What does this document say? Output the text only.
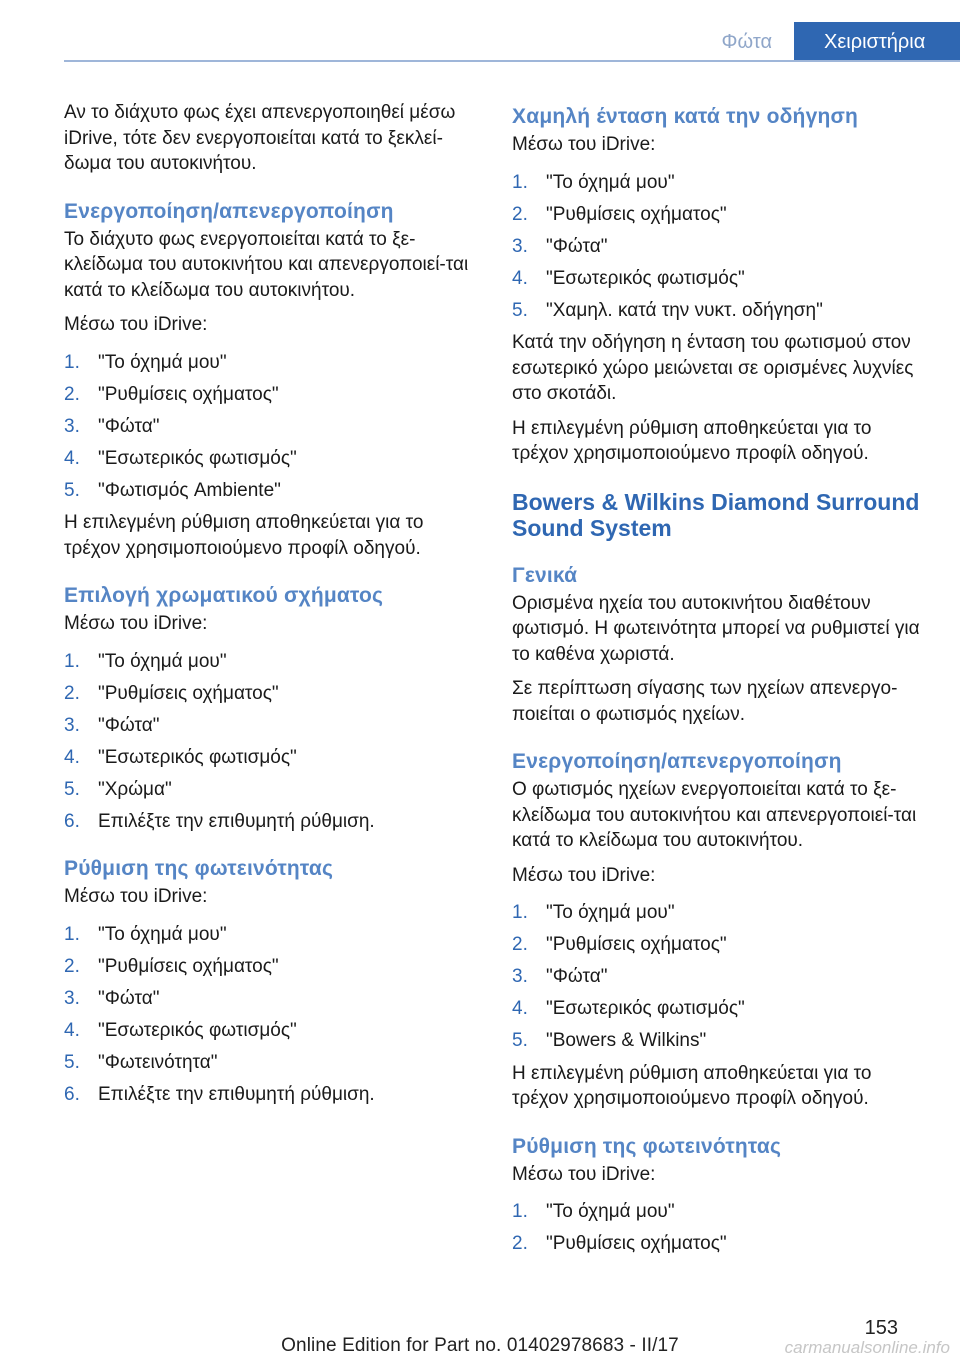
Φώτα	Χειριστήρια

Αν το διάχυτο φως έχει απενεργοποιηθεί μέσω iDrive, τότε δεν ενεργοποιείται κατά το ξεκλεί-δωμα του αυτοκινήτου.

Ενεργοποίηση/απενεργοποίηση

Το διάχυτο φως ενεργοποιείται κατά το ξε-κλείδωμα του αυτοκινήτου και απενεργοποιεί-ται κατά το κλείδωμα του αυτοκινήτου.

Μέσω του iDrive:

1. "Το όχημά μου"
2. "Ρυθμίσεις οχήματος"
3. "Φώτα"
4. "Εσωτερικός φωτισμός"
5. "Φωτισμός Ambiente"

Η επιλεγμένη ρύθμιση αποθηκεύεται για το τρέχον χρησιμοποιούμενο προφίλ οδηγού.

Επιλογή χρωματικού σχήματος

Μέσω του iDrive:

1. "Το όχημά μου"
2. "Ρυθμίσεις οχήματος"
3. "Φώτα"
4. "Εσωτερικός φωτισμός"
5. "Χρώμα"
6. Επιλέξτε την επιθυμητή ρύθμιση.
Ρύθμιση της φωτεινότητας

Μέσω του iDrive:

1. "Το όχημά μου"
2. "Ρυθμίσεις οχήματος"
3. "Φώτα"
4. "Εσωτερικός φωτισμός"
5. "Φωτεινότητα"
6. Επιλέξτε την επιθυμητή ρύθμιση.
Χαμηλή ένταση κατά την οδήγηση

Μέσω του iDrive:

1. "Το όχημά μου"
2. "Ρυθμίσεις οχήματος"
3. "Φώτα"
4. "Εσωτερικός φωτισμός"
5. "Χαμηλ. κατά την νυκτ. οδήγηση"

Κατά την οδήγηση η ένταση του φωτισμού στον εσωτερικό χώρο μειώνεται σε ορισμένες λυχνίες στο σκοτάδι.

Η επιλεγμένη ρύθμιση αποθηκεύεται για το τρέχον χρησιμοποιούμενο προφίλ οδηγού.

Bowers & Wilkins Diamond Surround Sound System
Γενικά

Ορισμένα ηχεία του αυτοκινήτου διαθέτουν φωτισμό. Η φωτεινότητα μπορεί να ρυθμιστεί για το καθένα χωριστά.

Σε περίπτωση σίγασης των ηχείων απενεργο-ποιείται ο φωτισμός ηχείων.

Ενεργοποίηση/απενεργοποίηση

Ο φωτισμός ηχείων ενεργοποιείται κατά το ξε-κλείδωμα του αυτοκινήτου και απενεργοποιεί-ται κατά το κλείδωμα του αυτοκινήτου.

Μέσω του iDrive:

1. "Το όχημά μου"
2. "Ρυθμίσεις οχήματος"
3. "Φώτα"
4. "Εσωτερικός φωτισμός"
5. "Bowers & Wilkins"

Η επιλεγμένη ρύθμιση αποθηκεύεται για το τρέχον χρησιμοποιούμενο προφίλ οδηγού.

Ρύθμιση της φωτεινότητας

Μέσω του iDrive:

1. "Το όχημά μου"
2. "Ρυθμίσεις οχήματος"
153
Online Edition for Part no. 01402978683 - II/17	carmanualsonline.info
